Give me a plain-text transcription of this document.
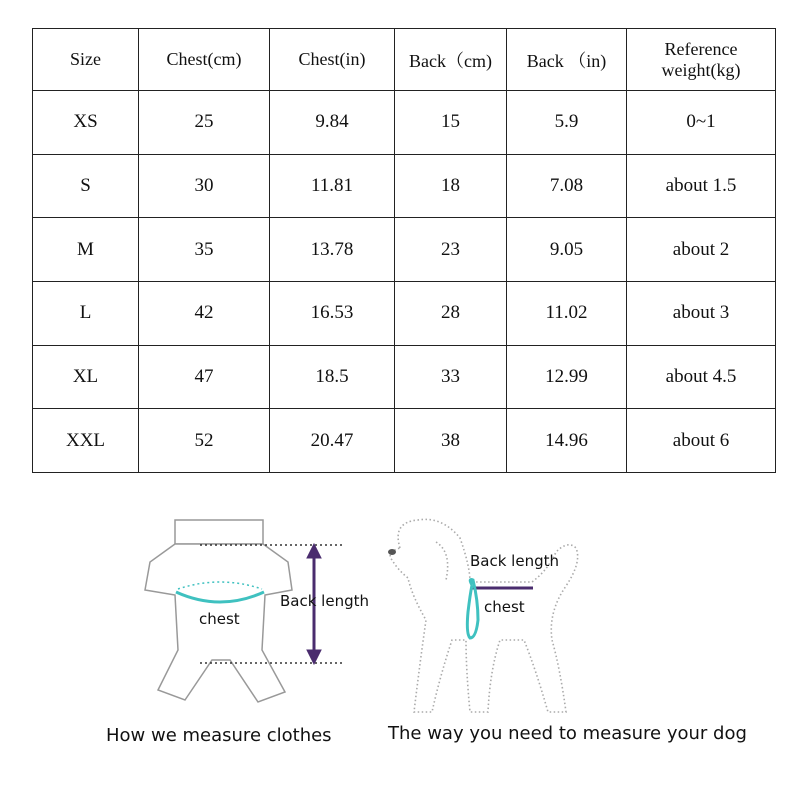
Size	Chest(cm)	Chest(in)	Back（cm)	Back （in)	Reference weight(kg)
XS	25	9.84	15	5.9	0~1
S	30	11.81	18	7.08	about 1.5
M	35	13.78	23	9.05	about 2
L	42	16.53	28	11.02	about 3
XL	47	18.5	33	12.99	about 4.5
XXL	52	20.47	38	14.96	about 6
chest
Back length
How we measure clothes
Back length
chest
The way you need to measure your dog
